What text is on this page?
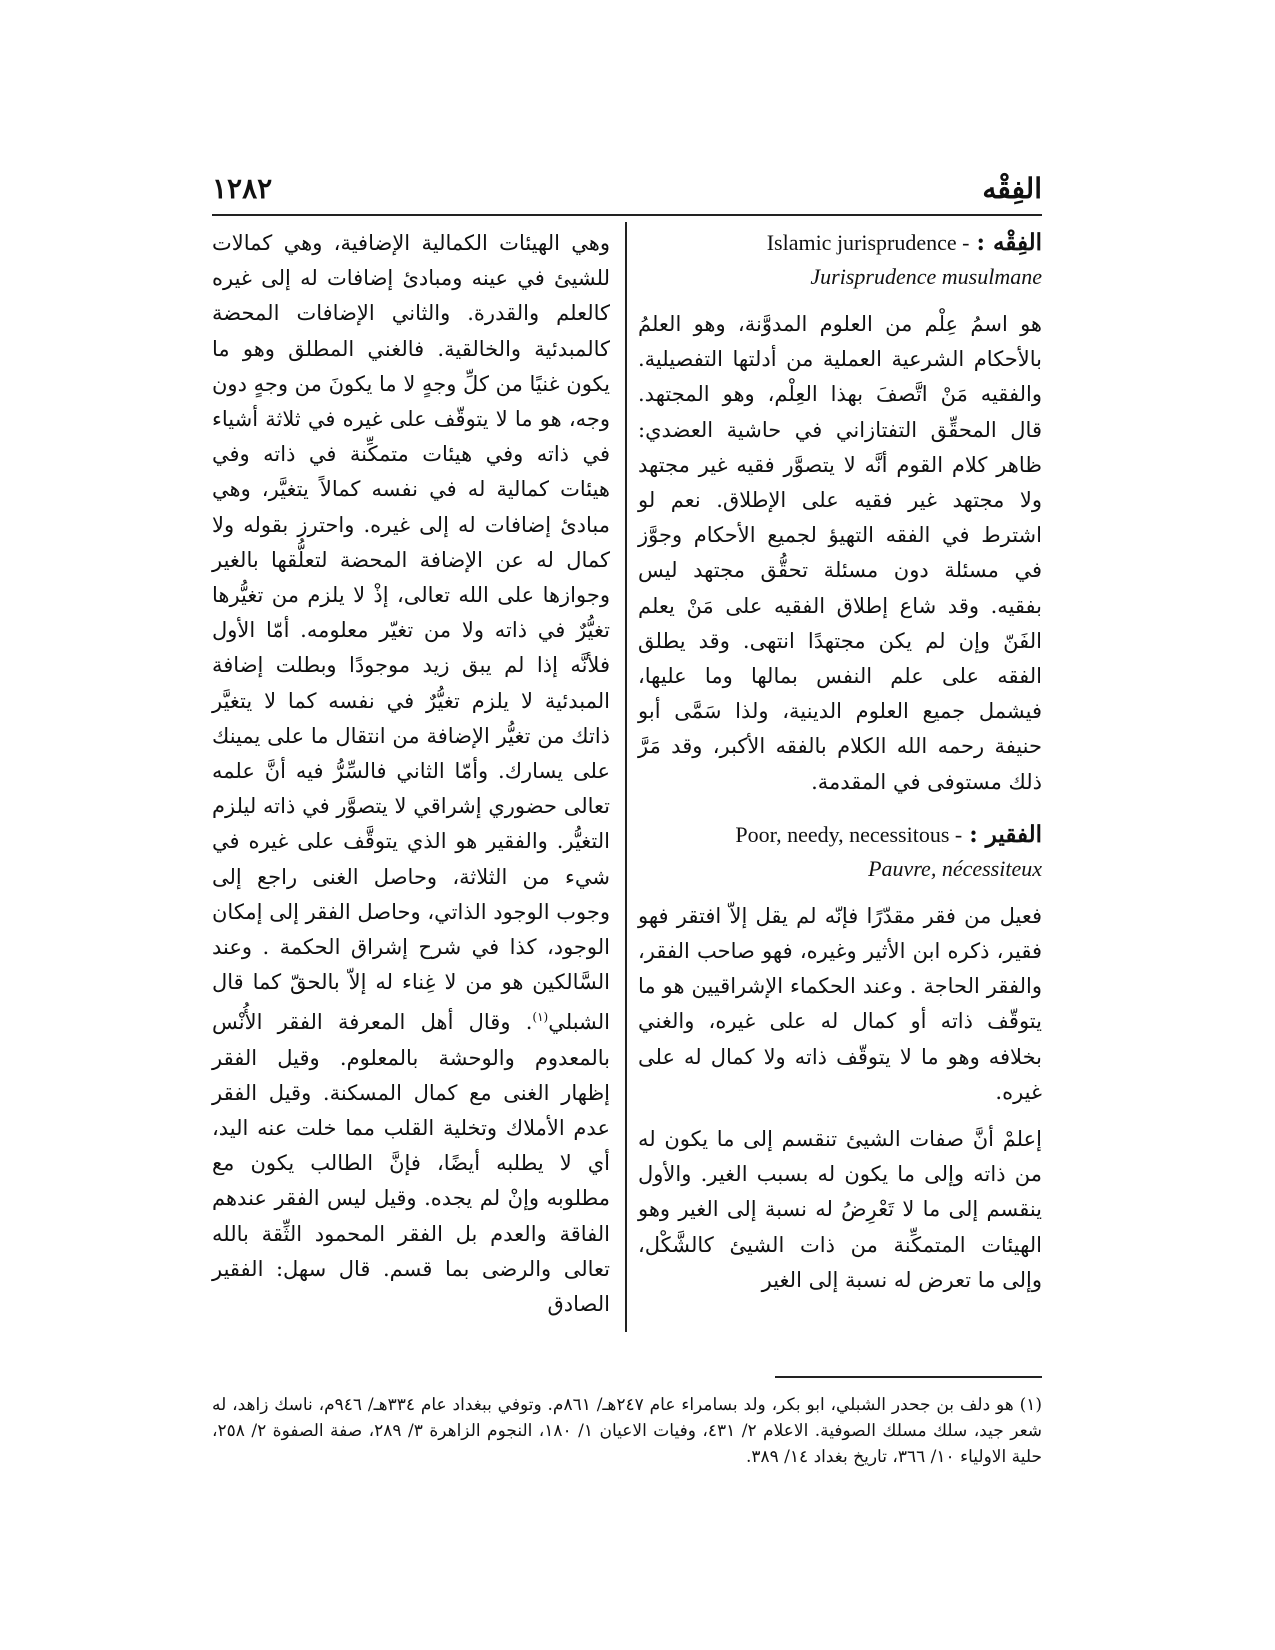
١٢٨٢	الفِقْه

الفِقْه : Islamic jurisprudence -

Jurisprudence musulmane

هو اسمُ عِلْم من العلوم المدوَّنة، وهو العلمُ بالأحكام الشرعية العملية من أدلتها التفصيلية. والفقيه مَنْ اتَّصفَ بهذا العِلْم، وهو المجتهد. قال المحقِّق التفتازاني في حاشية العضدي: ظاهر كلام القوم أنَّه لا يتصوَّر فقيه غير مجتهد ولا مجتهد غير فقيه على الإطلاق. نعم لو اشترط في الفقه التهيؤ لجميع الأحكام وجوَّز في مسئلة دون مسئلة تحقُّق مجتهد ليس بفقيه. وقد شاع إطلاق الفقيه على مَنْ يعلم الفَنّ وإن لم يكن مجتهدًا انتهى. وقد يطلق الفقه على علم النفس بمالها وما عليها، فيشمل جميع العلوم الدينية، ولذا سَمَّى أبو حنيفة رحمه الله الكلام بالفقه الأكبر، وقد مَرَّ ذلك مستوفى في المقدمة.

الفقير : Poor, needy, necessitous -

Pauvre, nécessiteux

فعيل من فقر مقدّرًا فإنّه لم يقل إلاّ افتقر فهو فقير، ذكره ابن الأثير وغيره، فهو صاحب الفقر، والفقر الحاجة . وعند الحكماء الإشراقيين هو ما يتوقّف ذاته أو كمال له على غيره، والغني بخلافه وهو ما لا يتوقّف ذاته ولا كمال له على غيره.

إعلمْ أنَّ صفات الشيئ تنقسم إلى ما يكون له من ذاته وإلى ما يكون له بسبب الغير. والأول ينقسم إلى ما لا تَعْرِضُ له نسبة إلى الغير وهو الهيئات المتمكِّنة من ذات الشيئ كالشَّكْل، وإلى ما تعرض له نسبة إلى الغير

وهي الهيئات الكمالية الإضافية، وهي كمالات للشيئ في عينه ومبادئ إضافات له إلى غيره كالعلم والقدرة. والثاني الإضافات المحضة كالمبدئية والخالقية. فالغني المطلق وهو ما يكون غنيًا من كلِّ وجهٍ لا ما يكونَ من وجهٍ دون وجه، هو ما لا يتوقّف على غيره في ثلاثة أشياء في ذاته وفي هيئات متمكِّنة في ذاته وفي هيئات كمالية له في نفسه كمالاً يتغيَّر، وهي مبادئ إضافات له إلى غيره. واحترز بقوله ولا كمال له عن الإضافة المحضة لتعلُّقها بالغير وجوازها على الله تعالى، إذْ لا يلزم من تغيُّرها تغيُّرٌ في ذاته ولا من تغيّر معلومه. أمّا الأول فلأنَّه إذا لم يبق زيد موجودًا وبطلت إضافة المبدئية لا يلزم تغيُّرٌ في نفسه كما لا يتغيَّر ذاتك من تغيُّر الإضافة من انتقال ما على يمينك على يسارك. وأمّا الثاني فالسِّرُّ فيه أنَّ علمه تعالى حضوري إشراقي لا يتصوَّر في ذاته ليلزم التغيُّر. والفقير هو الذي يتوقَّف على غيره في شيء من الثلاثة، وحاصل الغنى راجع إلى وجوب الوجود الذاتي، وحاصل الفقر إلى إمكان الوجود، كذا في شرح إشراق الحكمة . وعند السَّالكين هو من لا غِناء له إلاّ بالحقّ كما قال الشبلي$^{(١)}$. وقال أهل المعرفة الفقر الأُنْس بالمعدوم والوحشة بالمعلوم. وقيل الفقر إظهار الغنى مع كمال المسكنة. وقيل الفقر عدم الأملاك وتخلية القلب مما خلت عنه اليد، أي لا يطلبه أيضًا، فإنَّ الطالب يكون مع مطلوبه وإنْ لم يجده. وقيل ليس الفقر عندهم الفاقة والعدم بل الفقر المحمود الثِّقة بالله تعالى والرضى بما قسم. قال سهل: الفقير الصادق

(١) هو دلف بن جحدر الشبلي، ابو بكر، ولد بسامراء عام ٢٤٧هـ/ ٨٦١م. وتوفي ببغداد عام ٣٣٤هـ/ ٩٤٦م، ناسك زاهد، له شعر جيد، سلك مسلك الصوفية. الاعلام ٢/ ٤٣١، وفيات الاعيان ١/ ١٨٠، النجوم الزاهرة ٣/ ٢٨٩، صفة الصفوة ٢/ ٢٥٨، حلية الاولياء ١٠/ ٣٦٦، تاريخ بغداد ١٤/ ٣٨٩.
